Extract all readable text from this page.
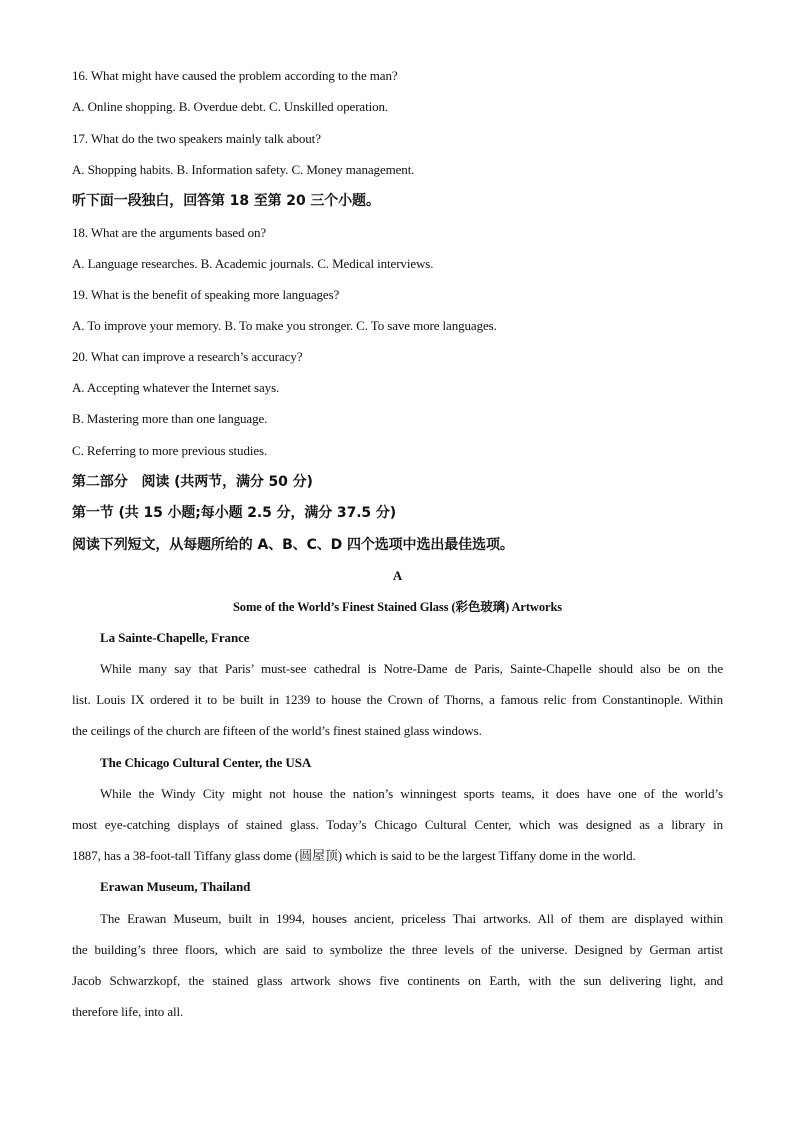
16. What might have caused the problem according to the man?
A. Online shopping. B. Overdue debt. C. Unskilled operation.
17. What do the two speakers mainly talk about?
A. Shopping habits. B. Information safety. C. Money management.
听下面一段独白，回答第 18 至第 20 三个小题。
18. What are the arguments based on?
A. Language researches. B. Academic journals. C. Medical interviews.
19. What is the benefit of speaking more languages?
A. To improve your memory. B. To make you stronger. C. To save more languages.
20. What can improve a research’s accuracy?
A. Accepting whatever the Internet says.
B. Mastering more than one language.
C. Referring to more previous studies.
第二部分　阅读 (共两节，满分 50 分)
第一节 (共 15 小题;每小题 2.5 分，满分 37.5 分)
阅读下列短文，从每题所给的 A、B、C、D 四个选项中选出最佳选项。
A
Some of the World’s Finest Stained Glass (彩色玻璃) Artworks
La Sainte-Chapelle, France
While many say that Paris’ must-see cathedral is Notre-Dame de Paris, Sainte-Chapelle should also be on the
list. Louis IX ordered it to be built in 1239 to house the Crown of Thorns, a famous relic from Constantinople. Within
the ceilings of the church are fifteen of the world’s finest stained glass windows.
The Chicago Cultural Center, the USA
While the Windy City might not house the nation’s winningest sports teams, it does have one of the world’s
most eye-catching displays of stained glass. Today’s Chicago Cultural Center, which was designed as a library in
1887, has a 38-foot-tall Tiffany glass dome (圆屋顶) which is said to be the largest Tiffany dome in the world.
Erawan Museum, Thailand
The Erawan Museum, built in 1994, houses ancient, priceless Thai artworks. All of them are displayed within
the building’s three floors, which are said to symbolize the three levels of the universe. Designed by German artist
Jacob Schwarzkopf, the stained glass artwork shows five continents on Earth, with the sun delivering light, and
therefore life, into all.
